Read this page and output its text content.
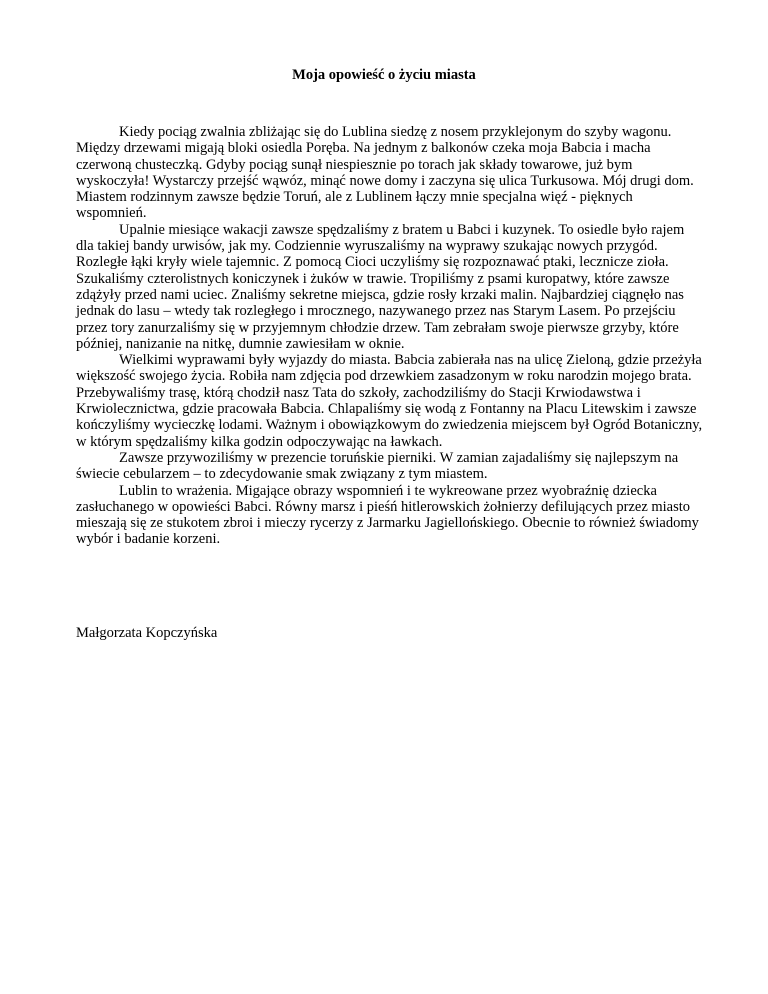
Moja opowieść o życiu miasta

Kiedy pociąg zwalnia zbliżając się do Lublina siedzę z nosem przyklejonym do szyby wagonu. Między drzewami migają bloki osiedla Poręba. Na jednym z balkonów czeka moja Babcia i macha czerwoną chusteczką. Gdyby pociąg sunął niespiesznie po torach jak składy towarowe, już bym wyskoczyła! Wystarczy przejść wąwóz, minąć nowe domy i zaczyna się ulica Turkusowa. Mój drugi dom. Miastem rodzinnym zawsze będzie Toruń, ale z Lublinem łączy mnie specjalna więź - pięknych wspomnień.

Upalnie miesiące wakacji zawsze spędzaliśmy z bratem u Babci i kuzynek. To osiedle było rajem dla takiej bandy urwisów, jak my. Codziennie wyruszaliśmy na wyprawy szukając nowych przygód. Rozległe łąki kryły wiele tajemnic. Z pomocą Cioci uczyliśmy się rozpoznawać ptaki, lecznicze zioła. Szukaliśmy czterolistnych koniczynek i żuków w trawie. Tropiliśmy z psami kuropatwy, które zawsze zdążyły przed nami uciec. Znaliśmy sekretne miejsca, gdzie rosły krzaki malin. Najbardziej ciągnęło nas jednak do lasu – wtedy tak rozległego i mrocznego, nazywanego przez nas Starym Lasem. Po przejściu przez tory zanurzaliśmy się w przyjemnym chłodzie drzew. Tam zebrałam swoje pierwsze grzyby, które później, nanizanie na nitkę, dumnie zawiesiłam w oknie.

Wielkimi wyprawami były wyjazdy do miasta. Babcia zabierała nas na ulicę Zieloną, gdzie przeżyła większość swojego życia. Robiła nam zdjęcia pod drzewkiem zasadzonym w roku narodzin mojego brata. Przebywaliśmy trasę, którą chodził nasz Tata do szkoły, zachodziliśmy do Stacji Krwiodawstwa i Krwiolecznictwa, gdzie pracowała Babcia. Chlapaliśmy się wodą z Fontanny na Placu Litewskim i zawsze kończyliśmy wycieczkę lodami. Ważnym i obowiązkowym do zwiedzenia miejscem był Ogród Botaniczny, w którym spędzaliśmy kilka godzin odpoczywając na ławkach.

Zawsze przywoziliśmy w prezencie toruńskie pierniki. W zamian zajadaliśmy się najlepszym na świecie cebularzem – to zdecydowanie smak związany z tym miastem.

Lublin to wrażenia. Migające obrazy wspomnień i te wykreowane przez wyobraźnię dziecka zasłuchanego w opowieści Babci. Równy marsz i pieśń hitlerowskich żołnierzy defilujących przez miasto mieszają się ze stukotem zbroi i mieczy rycerzy z Jarmarku Jagiellońskiego. Obecnie to również świadomy wybór i badanie korzeni.

Małgorzata Kopczyńska
